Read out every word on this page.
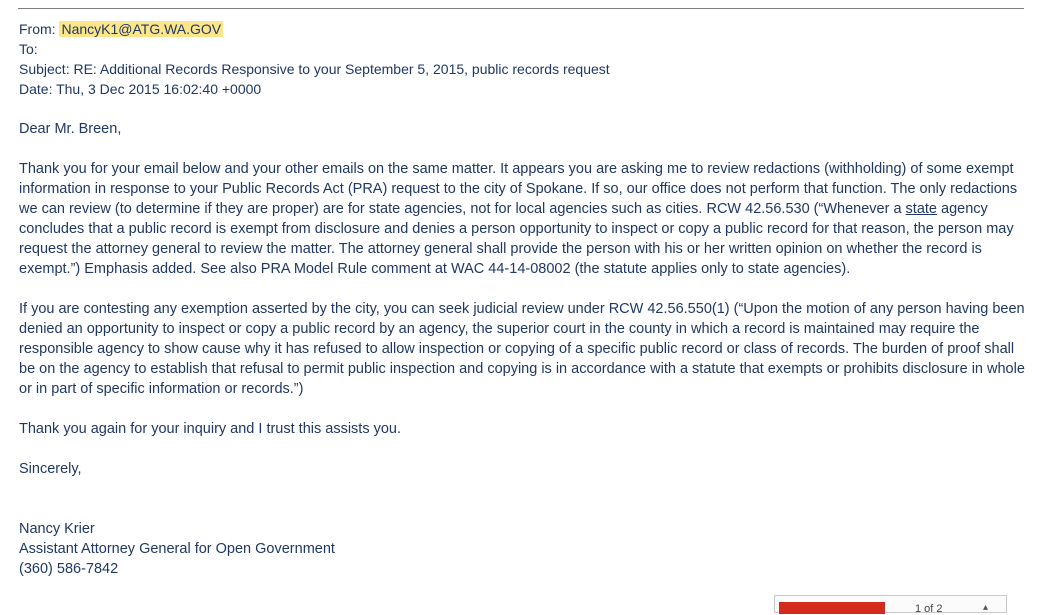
From: NancyK1@ATG.WA.GOV
To:
Subject: RE: Additional Records Responsive to your September 5, 2015, public records request
Date: Thu, 3 Dec 2015 16:02:40 +0000

Dear Mr. Breen,

Thank you for your email below and your other emails on the same matter. It appears you are asking me to review redactions (withholding) of some exempt information in response to your Public Records Act (PRA) request to the city of Spokane. If so, our office does not perform that function. The only redactions we can review (to determine if they are proper) are for state agencies, not for local agencies such as cities. RCW 42.56.530 (“Whenever a state agency concludes that a public record is exempt from disclosure and denies a person opportunity to inspect or copy a public record for that reason, the person may request the attorney general to review the matter. The attorney general shall provide the person with his or her written opinion on whether the record is exempt.”) Emphasis added. See also PRA Model Rule comment at WAC 44-14-08002 (the statute applies only to state agencies).

If you are contesting any exemption asserted by the city, you can seek judicial review under RCW 42.56.550(1) (“Upon the motion of any person having been denied an opportunity to inspect or copy a public record by an agency, the superior court in the county in which a record is maintained may require the responsible agency to show cause why it has refused to allow inspection or copying of a specific public record or class of records. The burden of proof shall be on the agency to establish that refusal to permit public inspection and copying is in accordance with a statute that exempts or prohibits disclosure in whole or in part of specific information or records.”)

Thank you again for your inquiry and I trust this assists you.

Sincerely,

Nancy Krier
Assistant Attorney General for Open Government
(360) 586-7842
1 of 2	▴
